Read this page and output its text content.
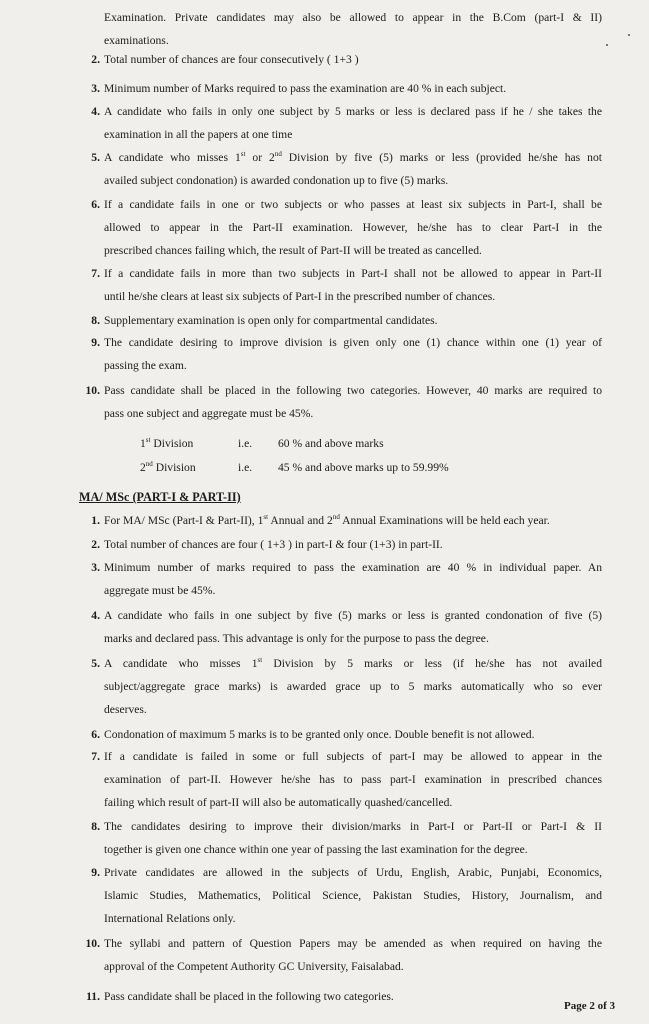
Examination. Private candidates may also be allowed to appear in the B.Com (part-I & II)
examinations.
2. Total number of chances are four consecutively ( 1+3 )
3. Minimum number of Marks required to pass the examination are 40 % in each subject.
4. A candidate who fails in only one subject by 5 marks or less is declared pass if he / she takes the
examination in all the papers at one time
5. A candidate who misses 1st or 2nd Division by five (5) marks or less (provided he/she has not
availed subject condonation) is awarded condonation up to five (5) marks.
6. If a candidate fails in one or two subjects or who passes at least six subjects in Part-I, shall be
allowed to appear in the Part-II examination. However, he/she has to clear Part-I in the
prescribed chances failing which, the result of Part-II will be treated as cancelled.
7. If a candidate fails in more than two subjects in Part-I shall not be allowed to appear in Part-II
until he/she clears at least six subjects of Part-I in the prescribed number of chances.
8. Supplementary examination is open only for compartmental candidates.
9. The candidate desiring to improve division is given only one (1) chance within one (1) year of
passing the exam.
10. Pass candidate shall be placed in the following two categories. However, 40 marks are required to
pass one subject and aggregate must be 45%.
1st Division	i.e. 60 % and above marks
2nd Division	i.e. 45 % and above marks up to 59.99%
MA/ MSc (PART-I & PART-II)
1. For MA/ MSc (Part-I & Part-II), 1st Annual and 2nd Annual Examinations will be held each year.
2. Total number of chances are four ( 1+3 ) in part-I & four (1+3) in part-II.
3. Minimum number of marks required to pass the examination are 40 % in individual paper. An
aggregate must be 45%.
4. A candidate who fails in one subject by five (5) marks or less is granted condonation of five (5)
marks and declared pass. This advantage is only for the purpose to pass the degree.
5. A candidate who misses 1st Division by 5 marks or less (if he/she has not availed
subject/aggregate grace marks) is awarded grace up to 5 marks automatically who so ever
deserves.
6. Condonation of maximum 5 marks is to be granted only once. Double benefit is not allowed.
7. If a candidate is failed in some or full subjects of part-I may be allowed to appear in the
examination of part-II. However he/she has to pass part-I examination in prescribed chances
failing which result of part-II will also be automatically quashed/cancelled.
8. The candidates desiring to improve their division/marks in Part-I or Part-II or Part-I & II
together is given one chance within one year of passing the last examination for the degree.
9. Private candidates are allowed in the subjects of Urdu, English, Arabic, Punjabi, Economics,
Islamic Studies, Mathematics, Political Science, Pakistan Studies, History, Journalism, and
International Relations only.
10. The syllabi and pattern of Question Papers may be amended as when required on having the
approval of the Competent Authority GC University, Faisalabad.
11. Pass candidate shall be placed in the following two categories.
Page 2 of 3
